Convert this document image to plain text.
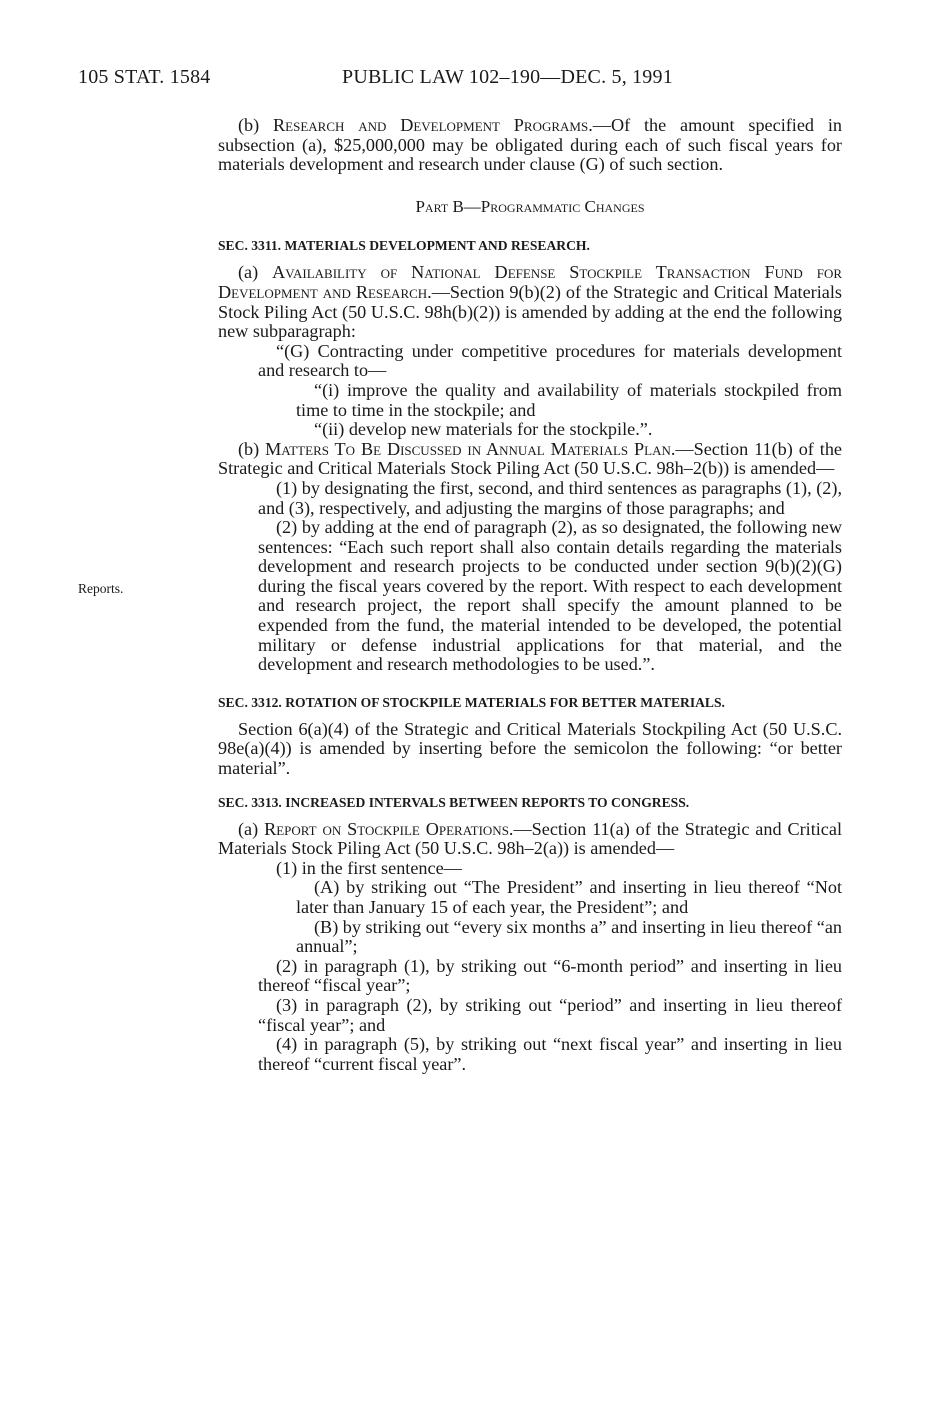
105 STAT. 1584	PUBLIC LAW 102–190—DEC. 5, 1991
Reports.

(b) Research and Development Programs.—Of the amount specified in subsection (a), $25,000,000 may be obligated during each of such fiscal years for materials development and research under clause (G) of such section.

Part B—Programmatic Changes

SEC. 3311. MATERIALS DEVELOPMENT AND RESEARCH.

(a) Availability of National Defense Stockpile Transaction Fund for Development and Research.—Section 9(b)(2) of the Strategic and Critical Materials Stock Piling Act (50 U.S.C. 98h(b)(2)) is amended by adding at the end the following new subparagraph:

“(G) Contracting under competitive procedures for materials development and research to—

“(i) improve the quality and availability of materials stockpiled from time to time in the stockpile; and

“(ii) develop new materials for the stockpile.”.

(b) Matters To Be Discussed in Annual Materials Plan.—Section 11(b) of the Strategic and Critical Materials Stock Piling Act (50 U.S.C. 98h–2(b)) is amended—

(1) by designating the first, second, and third sentences as paragraphs (1), (2), and (3), respectively, and adjusting the margins of those paragraphs; and

(2) by adding at the end of paragraph (2), as so designated, the following new sentences: “Each such report shall also contain details regarding the materials development and research projects to be conducted under section 9(b)(2)(G) during the fiscal years covered by the report. With respect to each development and research project, the report shall specify the amount planned to be expended from the fund, the material intended to be developed, the potential military or defense industrial applications for that material, and the development and research methodologies to be used.”.

SEC. 3312. ROTATION OF STOCKPILE MATERIALS FOR BETTER MATERIALS.

Section 6(a)(4) of the Strategic and Critical Materials Stockpiling Act (50 U.S.C. 98e(a)(4)) is amended by inserting before the semicolon the following: “or better material”.

SEC. 3313. INCREASED INTERVALS BETWEEN REPORTS TO CONGRESS.

(a) Report on Stockpile Operations.—Section 11(a) of the Strategic and Critical Materials Stock Piling Act (50 U.S.C. 98h–2(a)) is amended—

(1) in the first sentence—

(A) by striking out “The President” and inserting in lieu thereof “Not later than January 15 of each year, the President”; and

(B) by striking out “every six months a” and inserting in lieu thereof “an annual”;

(2) in paragraph (1), by striking out “6-month period” and inserting in lieu thereof “fiscal year”;

(3) in paragraph (2), by striking out “period” and inserting in lieu thereof “fiscal year”; and

(4) in paragraph (5), by striking out “next fiscal year” and inserting in lieu thereof “current fiscal year”.
